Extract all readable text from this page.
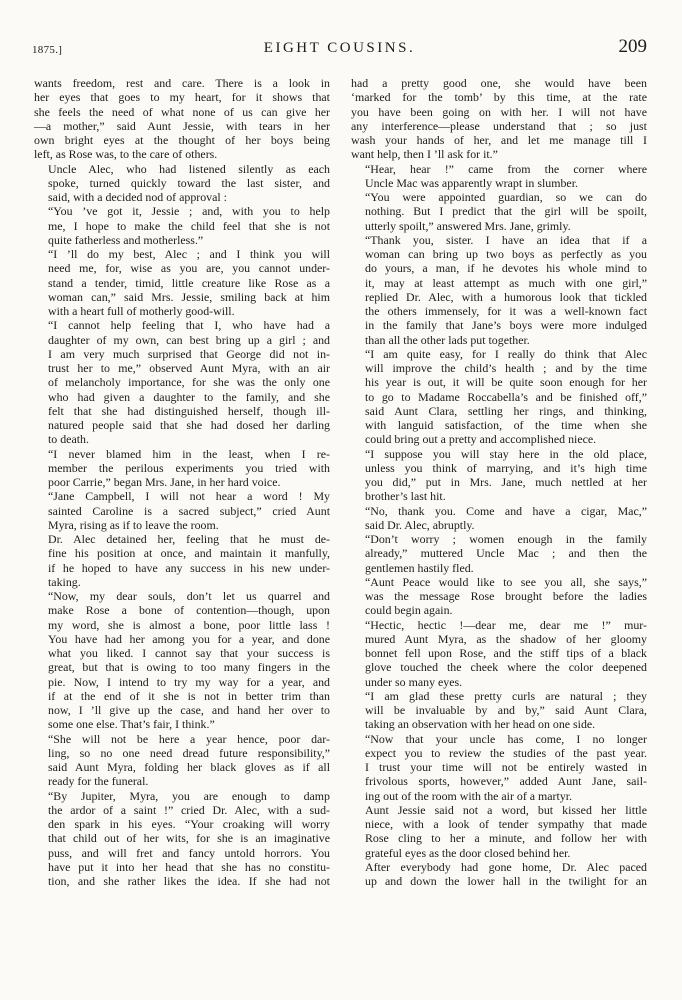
1875.]	EIGHT COUSINS.	209

wants freedom, rest and care. There is a look in
her eyes that goes to my heart, for it shows that
she feels the need of what none of us can give her
—a mother,” said Aunt Jessie, with tears in her
own bright eyes at the thought of her boys being
left, as Rose was, to the care of others.

Uncle Alec, who had listened silently as each
spoke, turned quickly toward the last sister, and
said, with a decided nod of approval :

“You ’ve got it, Jessie ; and, with you to help
me, I hope to make the child feel that she is not
quite fatherless and motherless.”

“I ’ll do my best, Alec ; and I think you will
need me, for, wise as you are, you cannot under-
stand a tender, timid, little creature like Rose as a
woman can,” said Mrs. Jessie, smiling back at him
with a heart full of motherly good-will.

“I cannot help feeling that I, who have had a
daughter of my own, can best bring up a girl ; and
I am very much surprised that George did not in-
trust her to me,” observed Aunt Myra, with an air
of melancholy importance, for she was the only one
who had given a daughter to the family, and she
felt that she had distinguished herself, though ill-
natured people said that she had dosed her darling
to death.

“I never blamed him in the least, when I re-
member the perilous experiments you tried with
poor Carrie,” began Mrs. Jane, in her hard voice.

“Jane Campbell, I will not hear a word ! My
sainted Caroline is a sacred subject,” cried Aunt
Myra, rising as if to leave the room.

Dr. Alec detained her, feeling that he must de-
fine his position at once, and maintain it manfully,
if he hoped to have any success in his new under-
taking.

“Now, my dear souls, don’t let us quarrel and
make Rose a bone of contention—though, upon
my word, she is almost a bone, poor little lass !
You have had her among you for a year, and done
what you liked. I cannot say that your success is
great, but that is owing to too many fingers in the
pie. Now, I intend to try my way for a year, and
if at the end of it she is not in better trim than
now, I ’ll give up the case, and hand her over to
some one else. That’s fair, I think.”

“She will not be here a year hence, poor dar-
ling, so no one need dread future responsibility,”
said Aunt Myra, folding her black gloves as if all
ready for the funeral.

“By Jupiter, Myra, you are enough to damp
the ardor of a saint !” cried Dr. Alec, with a sud-
den spark in his eyes. “Your croaking will worry
that child out of her wits, for she is an imaginative
puss, and will fret and fancy untold horrors. You
have put it into her head that she has no constitu-
tion, and she rather likes the idea. If she had not

had a pretty good one, she would have been
‘marked for the tomb’ by this time, at the rate
you have been going on with her. I will not have
any interference—please understand that ; so just
wash your hands of her, and let me manage till I
want help, then I ’ll ask for it.”

“Hear, hear !” came from the corner where
Uncle Mac was apparently wrapt in slumber.

“You were appointed guardian, so we can do
nothing. But I predict that the girl will be spoilt,
utterly spoilt,” answered Mrs. Jane, grimly.

“Thank you, sister. I have an idea that if a
woman can bring up two boys as perfectly as you
do yours, a man, if he devotes his whole mind to
it, may at least attempt as much with one girl,”
replied Dr. Alec, with a humorous look that tickled
the others immensely, for it was a well-known fact
in the family that Jane’s boys were more indulged
than all the other lads put together.

“I am quite easy, for I really do think that Alec
will improve the child’s health ; and by the time
his year is out, it will be quite soon enough for her
to go to Madame Roccabella’s and be finished off,”
said Aunt Clara, settling her rings, and thinking,
with languid satisfaction, of the time when she
could bring out a pretty and accomplished niece.

“I suppose you will stay here in the old place,
unless you think of marrying, and it’s high time
you did,” put in Mrs. Jane, much nettled at her
brother’s last hit.

“No, thank you. Come and have a cigar, Mac,”
said Dr. Alec, abruptly.

“Don’t worry ; women enough in the family
already,” muttered Uncle Mac ; and then the
gentlemen hastily fled.

“Aunt Peace would like to see you all, she says,”
was the message Rose brought before the ladies
could begin again.

“Hectic, hectic !—dear me, dear me !” mur-
mured Aunt Myra, as the shadow of her gloomy
bonnet fell upon Rose, and the stiff tips of a black
glove touched the cheek where the color deepened
under so many eyes.

“I am glad these pretty curls are natural ; they
will be invaluable by and by,” said Aunt Clara,
taking an observation with her head on one side.

“Now that your uncle has come, I no longer
expect you to review the studies of the past year.
I trust your time will not be entirely wasted in
frivolous sports, however,” added Aunt Jane, sail-
ing out of the room with the air of a martyr.

Aunt Jessie said not a word, but kissed her little
niece, with a look of tender sympathy that made
Rose cling to her a minute, and follow her with
grateful eyes as the door closed behind her.

After everybody had gone home, Dr. Alec paced
up and down the lower hall in the twilight for an
